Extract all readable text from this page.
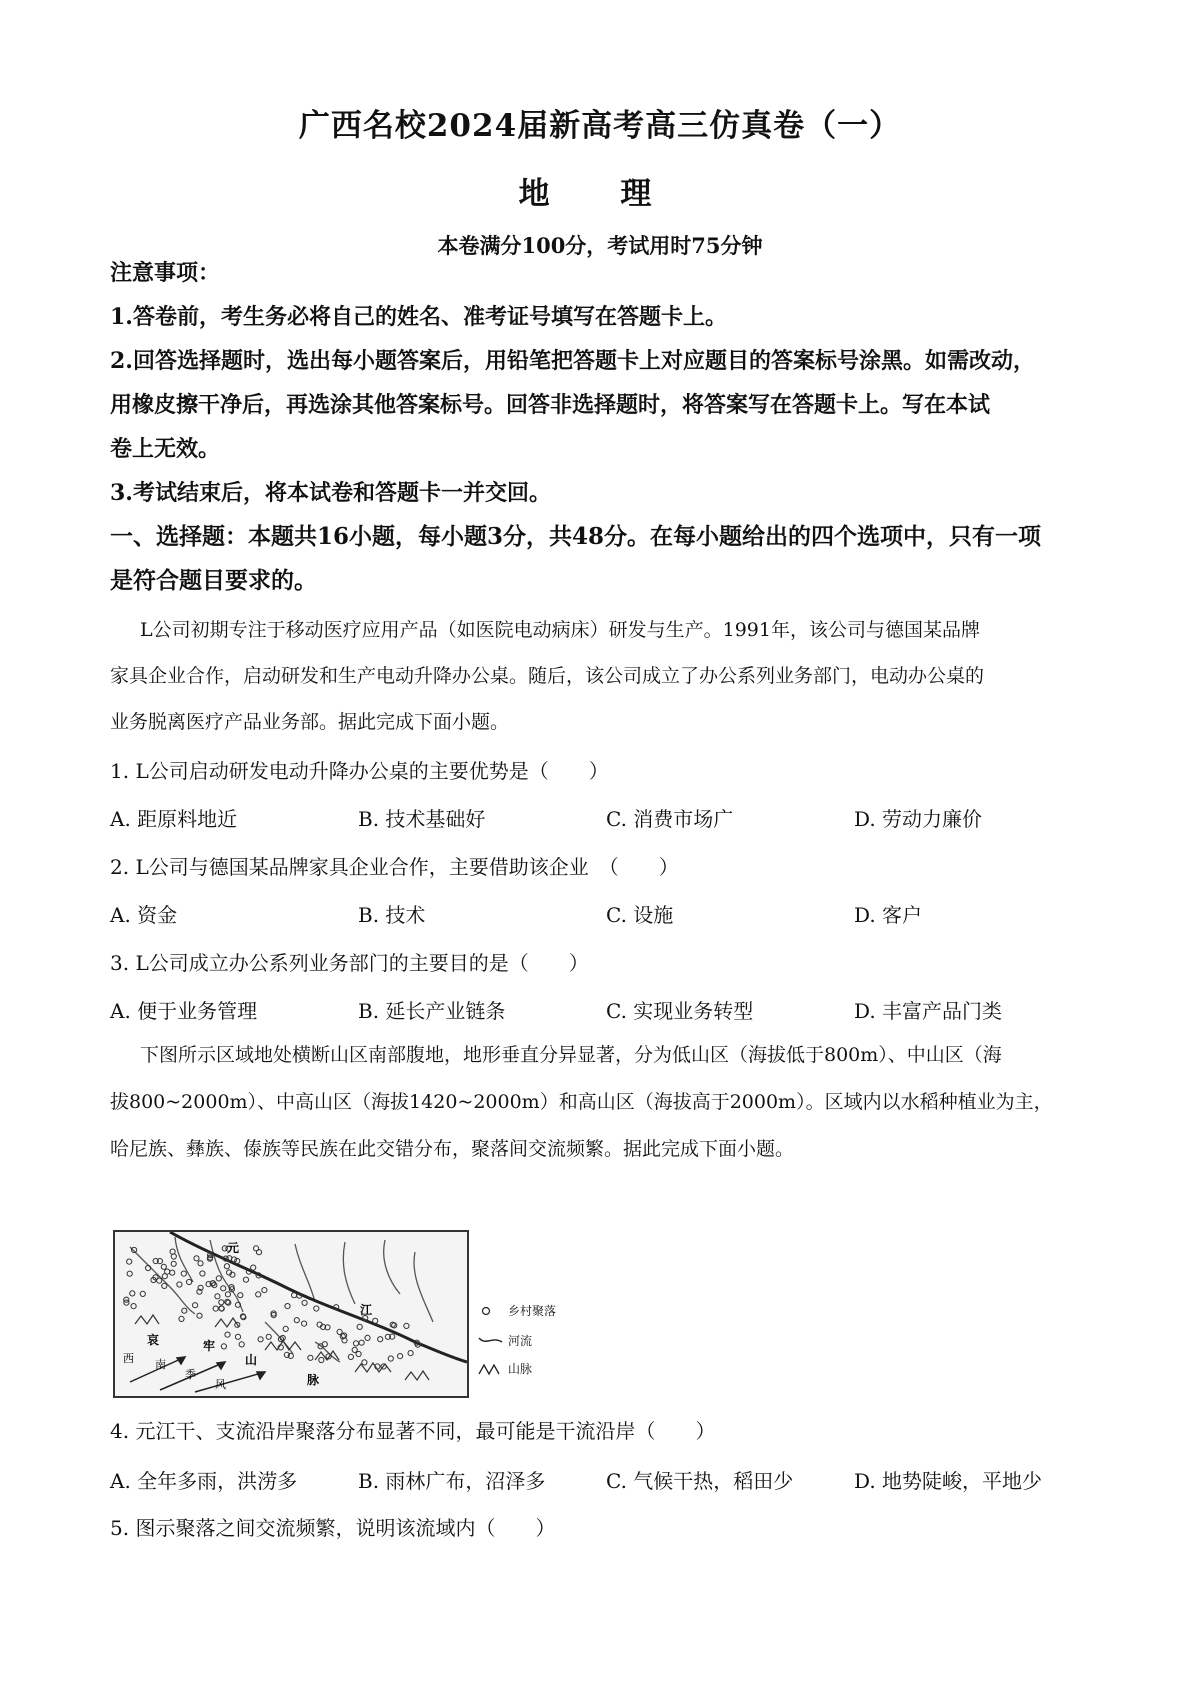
广西名校2024届新高考高三仿真卷（一）
地 理
本卷满分100分，考试用时75分钟
注意事项：
1.答卷前，考生务必将自己的姓名、准考证号填写在答题卡上。
2.回答选择题时，选出每小题答案后，用铅笔把答题卡上对应题目的答案标号涂黑。如需改动，
用橡皮擦干净后，再选涂其他答案标号。回答非选择题时，将答案写在答题卡上。写在本试
卷上无效。
3.考试结束后，将本试卷和答题卡一并交回。
一、选择题：本题共16小题，每小题3分，共48分。在每小题给出的四个选项中，只有一项
是符合题目要求的。
L公司初期专注于移动医疗应用产品（如医院电动病床）研发与生产。1991年，该公司与德国某品牌
家具企业合作，启动研发和生产电动升降办公桌。随后，该公司成立了办公系列业务部门，电动办公桌的
业务脱离医疗产品业务部。据此完成下面小题。
1. L公司启动研发电动升降办公桌的主要优势是（　　）
A. 距原料地近	B. 技术基础好	C. 消费市场广	D. 劳动力廉价
2. L公司与德国某品牌家具企业合作，主要借助该企业　（　　）
A. 资金	B. 技术	C. 设施	D. 客户
3. L公司成立办公系列业务部门的主要目的是（　　）
A. 便于业务管理	B. 延长产业链条	C. 实现业务转型	D. 丰富产品门类
下图所示区域地处横断山区南部腹地，地形垂直分异显著，分为低山区（海拔低于800m）、中山区（海
拔800~2000m）、中高山区（海拔1420~2000m）和高山区（海拔高于2000m）。区域内以水稻种植业为主，
哈尼族、彝族、傣族等民族在此交错分布，聚落间交流频繁。据此完成下面小题。
元
江
哀	牢
山
脉
西 南
季
风
乡村聚落
河流
山脉
4. 元江干、支流沿岸聚落分布显著不同，最可能是干流沿岸（　　）
A. 全年多雨，洪涝多	B. 雨林广布，沼泽多	C. 气候干热，稻田少	D. 地势陡峻，平地少
5. 图示聚落之间交流频繁，说明该流域内（　　）
